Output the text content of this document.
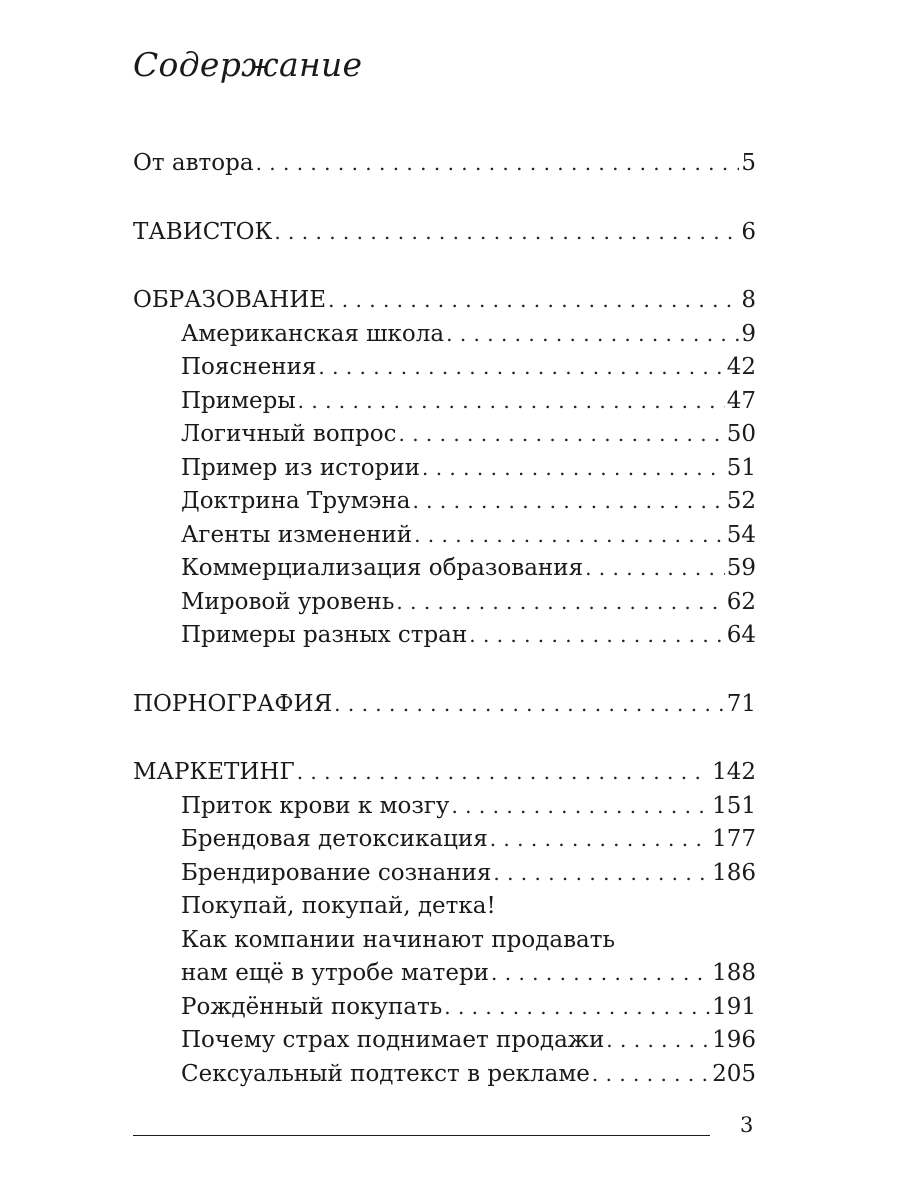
Содержание
От автора . . .	5
ТАВИСТОК . . .	6
ОБРАЗОВАНИЕ . . .	8
Американская школа . . .	9
Пояснения . . .	42
Примеры . . .	47
Логичный вопрос . . .	50
Пример из истории . . .	51
Доктрина Трумэна . . .	52
Агенты изменений . . .	54
Коммерциализация образования . . .	59
Мировой уровень . . .	62
Примеры разных стран . . .	64
ПОРНОГРАФИЯ . . .	71
МАРКЕТИНГ . . .	142
Приток крови к мозгу . . .	151
Брендовая детоксикация . . .	177
Брендирование сознания . . .	186
Покупай, покупай, детка!
Как компании начинают продавать
нам ещё в утробе матери . . .	188
Рождённый покупать . . .	191
Почему страх поднимает продажи . . .	196
Сексуальный подтекст в рекламе . . .	205
3
